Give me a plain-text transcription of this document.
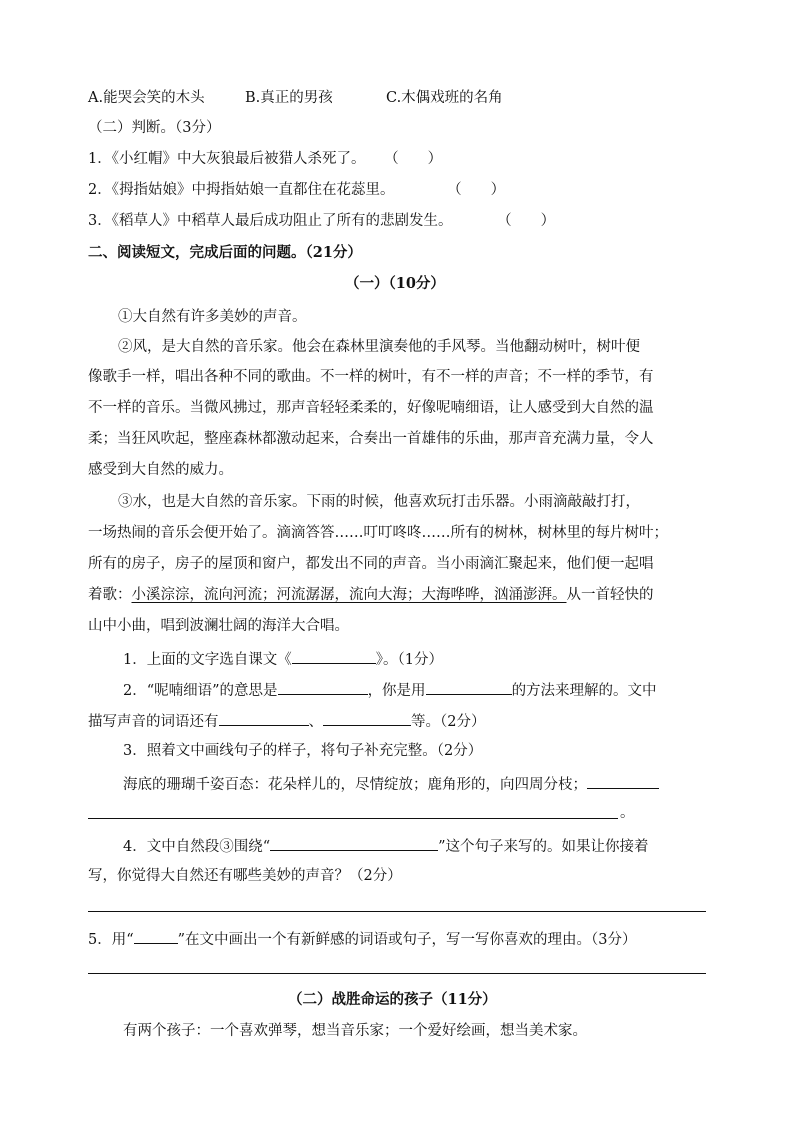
A.能哭会笑的木头	B.真正的男孩	C.木偶戏班的名角
（二）判断。（3分）
1．《小红帽》中大灰狼最后被猎人杀死了。 （　　）
2．《拇指姑娘》中拇指姑娘一直都住在花蕊里。	（　　）
3．《稻草人》中稻草人最后成功阻止了所有的悲剧发生。	（　　）
二、阅读短文，完成后面的问题。（21分）
（一）（10分）
①大自然有许多美妙的声音。
②风，是大自然的音乐家。他会在森林里演奏他的手风琴。当他翻动树叶，树叶便
像歌手一样，唱出各种不同的歌曲。不一样的树叶，有不一样的声音；不一样的季节，有
不一样的音乐。当微风拂过，那声音轻轻柔柔的，好像呢喃细语，让人感受到大自然的温
柔；当狂风吹起，整座森林都激动起来，合奏出一首雄伟的乐曲，那声音充满力量，令人
感受到大自然的威力。
③水，也是大自然的音乐家。下雨的时候，他喜欢玩打击乐器。小雨滴敲敲打打，
一场热闹的音乐会便开始了。滴滴答答……叮叮咚咚……所有的树林，树林里的每片树叶；
所有的房子，房子的屋顶和窗户，都发出不同的声音。当小雨滴汇聚起来，他们便一起唱
着歌：小溪淙淙，流向河流；河流潺潺，流向大海；大海哗哗，汹涌澎湃。从一首轻快的
山中小曲，唱到波澜壮阔的海洋大合唱。
1．上面的文字选自课文《	》。（1分）
2．“呢喃细语”的意思是	，你是用	的方法来理解的。文中
描写声音的词语还有	、	等。（2分）
3．照着文中画线句子的样子，将句子补充完整。（2分）
海底的珊瑚千姿百态：花朵样儿的，尽情绽放；鹿角形的，向四周分枝；
。
4．文中自然段③围绕“	”这个句子来写的。如果让你接着
写，你觉得大自然还有哪些美妙的声音？（2分）
5．用“	”在文中画出一个有新鲜感的词语或句子，写一写你喜欢的理由。（3分）
（二）战胜命运的孩子（11分）
有两个孩子：一个喜欢弹琴，想当音乐家；一个爱好绘画，想当美术家。
